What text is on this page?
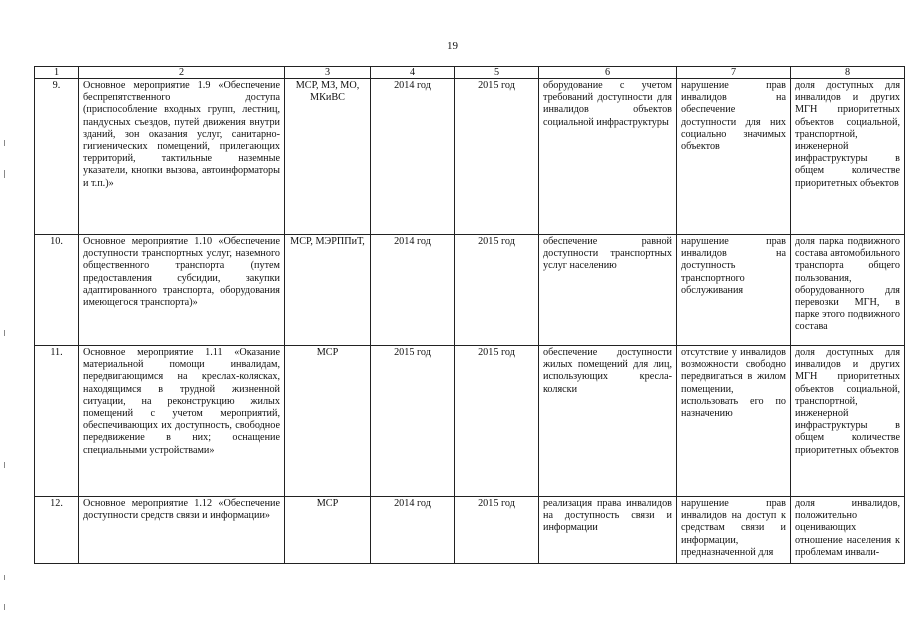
19
1	2	3	4	5	6	7	8
9.	Основное мероприятие 1.9 «Обеспечение беспрепятственного доступа (приспособление входных групп, лестниц, пандусных съездов, путей движения внутри зданий, зон оказания услуг, санитарно-гигиенических помещений, прилегающих территорий, тактильные наземные указатели, кнопки вызова, автоинформаторы и т.п.)»	МСР, МЗ, МО, МКиВС	2014 год	2015 год	оборудование с учетом требований доступности для инвалидов объектов социальной инфраструктуры	нарушение прав инвалидов на обеспечение доступности для них социально значимых объектов	доля доступных для инвалидов и других МГН приоритетных объектов социальной, транспортной, инженерной инфраструктуры в общем количестве приоритетных объектов
10.	Основное мероприятие 1.10 «Обеспечение доступности транспортных услуг, наземного общественного транспорта (путем предоставления субсидии, закупки адаптированного транспорта, оборудования имеющегося транспорта)»	МСР, МЭРППиТ,	2014 год	2015 год	обеспечение равной доступности транспортных услуг населению	нарушение прав инвалидов на доступность транспортного обслуживания	доля парка подвижного состава автомобильного транспорта общего пользования, оборудованного для перевозки МГН, в парке этого подвижного состава
11.	Основное мероприятие 1.11 «Оказание материальной помощи инвалидам, передвигающимся на креслах-колясках, находящимся в трудной жизненной ситуации, на реконструкцию жилых помещений с учетом мероприятий, обеспечивающих их доступность, свободное передвижение в них; оснащение специальными устройствами»	МСР	2015 год	2015 год	обеспечение доступности жилых помещений для лиц, использующих кресла-коляски	отсутствие у инвалидов возможности свободно передвигаться в жилом помещении, использовать его по назначению	доля доступных для инвалидов и других МГН приоритетных объектов социальной, транспортной, инженерной инфраструктуры в общем количестве приоритетных объектов
12.	Основное мероприятие 1.12 «Обеспечение доступности средств связи и информации»	МСР	2014 год	2015 год	реализация права инвалидов на доступность связи и информации	нарушение прав инвалидов на доступ к средствам связи и информации, предназначенной для	доля инвалидов, положительно оценивающих отношение населения к проблемам инвали-
